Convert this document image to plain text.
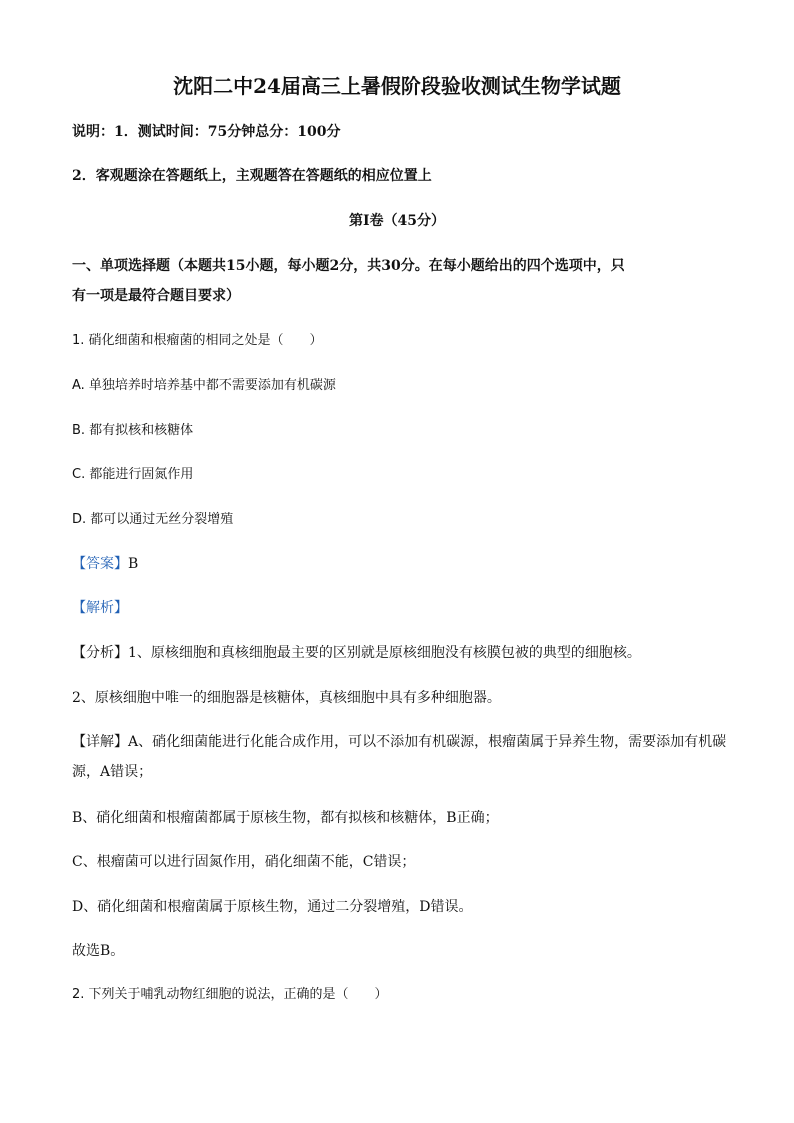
沈阳二中24届高三上暑假阶段验收测试生物学试题
说明：1．测试时间：75分钟总分：100分
2．客观题涂在答题纸上，主观题答在答题纸的相应位置上
第I卷（45分）
一、单项选择题（本题共15小题，每小题2分，共30分。在每小题给出的四个选项中，只
有一项是最符合题目要求）
1. 硝化细菌和根瘤菌的相同之处是（　　）
A. 单独培养时培养基中都不需要添加有机碳源
B. 都有拟核和核糖体
C. 都能进行固氮作用
D. 都可以通过无丝分裂增殖
【答案】B
【解析】
【分析】1、原核细胞和真核细胞最主要的区别就是原核细胞没有核膜包被的典型的细胞核。
2、原核细胞中唯一的细胞器是核糖体，真核细胞中具有多种细胞器。
【详解】A、硝化细菌能进行化能合成作用，可以不添加有机碳源，根瘤菌属于异养生物，需要添加有机碳
源，A错误；
B、硝化细菌和根瘤菌都属于原核生物，都有拟核和核糖体，B正确；
C、根瘤菌可以进行固氮作用，硝化细菌不能，C错误；
D、硝化细菌和根瘤菌属于原核生物，通过二分裂增殖，D错误。
故选B。
2. 下列关于哺乳动物红细胞的说法，正确的是（　　）
